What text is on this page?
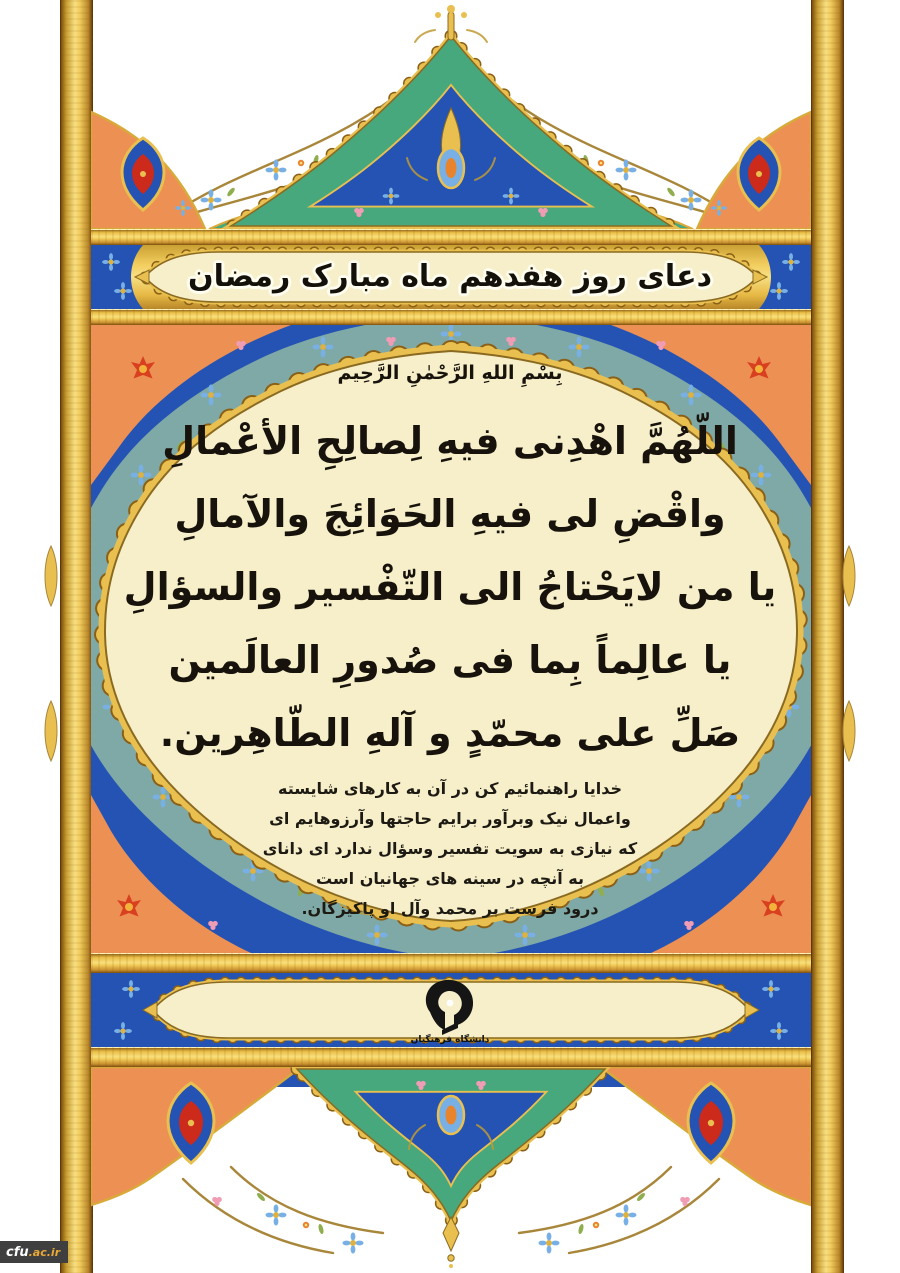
دعای روز هفدهم ماه مبارک رمضان
بِسْمِ اللهِ الرَّحْمٰنِ الرَّحِیم
اللّهُمَّ اهْدِنی فیهِ لِصالِحِ الأعْمالِ
واقْضِ لی فیهِ الحَوَائِجَ والآمالِ
یا من لایَحْتاجُ الی التّفْسیر والسؤالِ
یا عالِماً بِما فی صُدورِ العالَمین
صَلِّ علی محمّدٍ و آلهِ الطّاهِرین.
خدایا راهنمائیم کن در آن به کارهای شایسته
واعمال نیک وبرآور برایم حاجتها وآرزوهایم ای
که نیازی به سویت تفسیر وسؤال ندارد ای دانای
به آنچه در سینه های جهانیان است
درود فرست بر محمد وآل او پاکیزگان.
دانشگاه فرهنگیان
cfu .ac.ir
